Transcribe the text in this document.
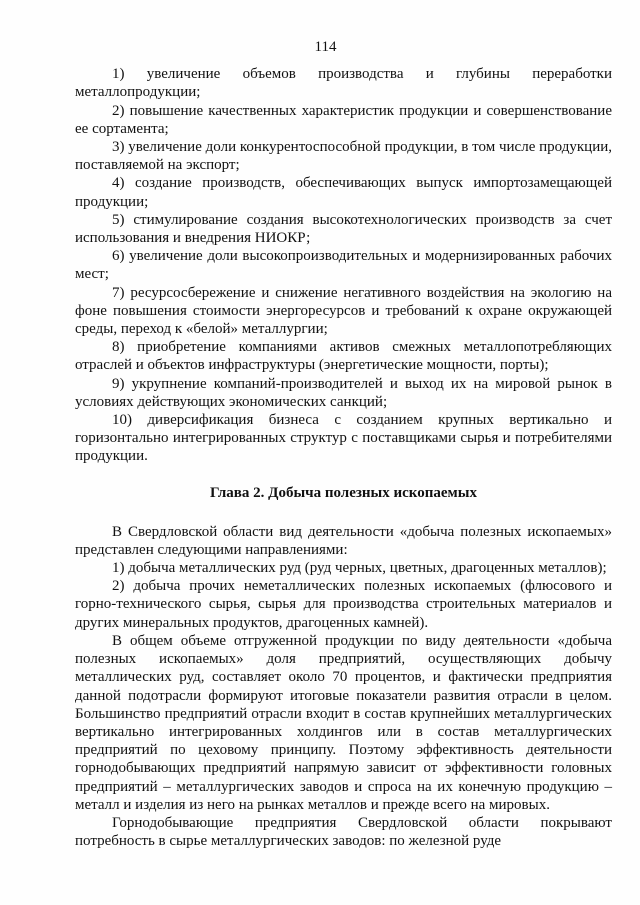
114

1) увеличение объемов производства и глубины переработки металлопродукции;

2) повышение качественных характеристик продукции и совершенствование ее сортамента;

3) увеличение доли конкурентоспособной продукции, в том числе продукции, поставляемой на экспорт;

4) создание производств, обеспечивающих выпуск импортозамещающей продукции;

5) стимулирование создания высокотехнологических производств за счет использования и внедрения НИОКР;

6) увеличение доли высокопроизводительных и модернизированных рабочих мест;

7) ресурсосбережение и снижение негативного воздействия на экологию на фоне повышения стоимости энергоресурсов и требований к охране окружающей среды, переход к «белой» металлургии;

8) приобретение компаниями активов смежных металлопотребляющих отраслей и объектов инфраструктуры (энергетические мощности, порты);

9) укрупнение компаний-производителей и выход их на мировой рынок в условиях действующих экономических санкций;

10) диверсификация бизнеса с созданием крупных вертикально и горизонтально интегрированных структур с поставщиками сырья и потребителями продукции.

Глава 2. Добыча полезных ископаемых

В Свердловской области вид деятельности «добыча полезных ископаемых» представлен следующими направлениями:

1) добыча металлических руд (руд черных, цветных, драгоценных металлов);

2) добыча прочих неметаллических полезных ископаемых (флюсового и горно-технического сырья, сырья для производства строительных материалов и других минеральных продуктов, драгоценных камней).

В общем объеме отгруженной продукции по виду деятельности «добыча полезных ископаемых» доля предприятий, осуществляющих добычу металлических руд, составляет около 70 процентов, и фактически предприятия данной подотрасли формируют итоговые показатели развития отрасли в целом. Большинство предприятий отрасли входит в состав крупнейших металлургических вертикально интегрированных холдингов или в состав металлургических предприятий по цеховому принципу. Поэтому эффективность деятельности горнодобывающих предприятий напрямую зависит от эффективности головных предприятий – металлургических заводов и спроса на их конечную продукцию – металл и изделия из него на рынках металлов и прежде всего на мировых.

Горнодобывающие предприятия Свердловской области покрывают потребность в сырье металлургических заводов: по железной руде
